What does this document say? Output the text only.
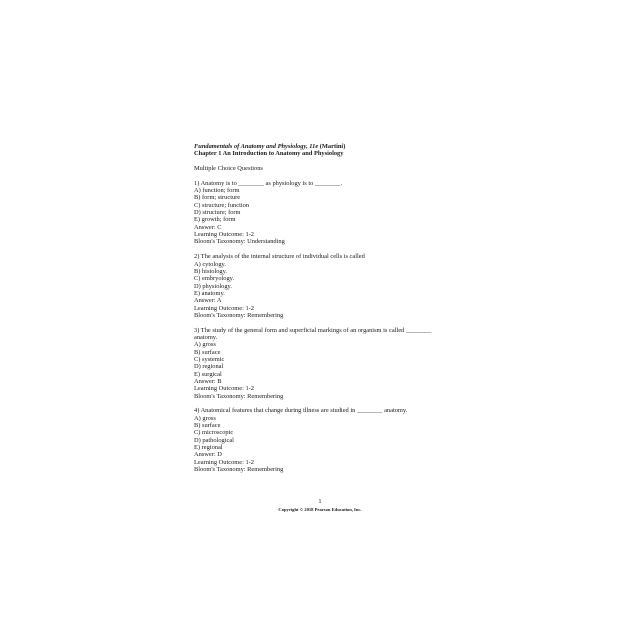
Fundamentals of Anatomy and Physiology, 11e (Martini)
Chapter 1 An Introduction to Anatomy and Physiology
Multiple Choice Questions
1) Anatomy is to ________ as physiology is to ________.
A) function; form
B) form; structure
C) structure; function
D) structure; form
E) growth; form
Answer: C
Learning Outcome: 1-2
Bloom's Taxonomy: Understanding
2) The analysis of the internal structure of individual cells is called
A) cytology.
B) histology.
C) embryology.
D) physiology.
E) anatomy.
Answer: A
Learning Outcome: 1-2
Bloom's Taxonomy: Remembering
3) The study of the general form and superficial markings of an organism is called ________ anatomy.
A) gross
B) surface
C) systemic
D) regional
E) surgical
Answer: B
Learning Outcome: 1-2
Bloom's Taxonomy: Remembering
4) Anatomical features that change during illness are studied in ________ anatomy.
A) gross
B) surface
C) microscopic
D) pathological
E) regional
Answer: D
Learning Outcome: 1-2
Bloom's Taxonomy: Remembering
1
Copyright © 2018 Pearson Education, Inc.
